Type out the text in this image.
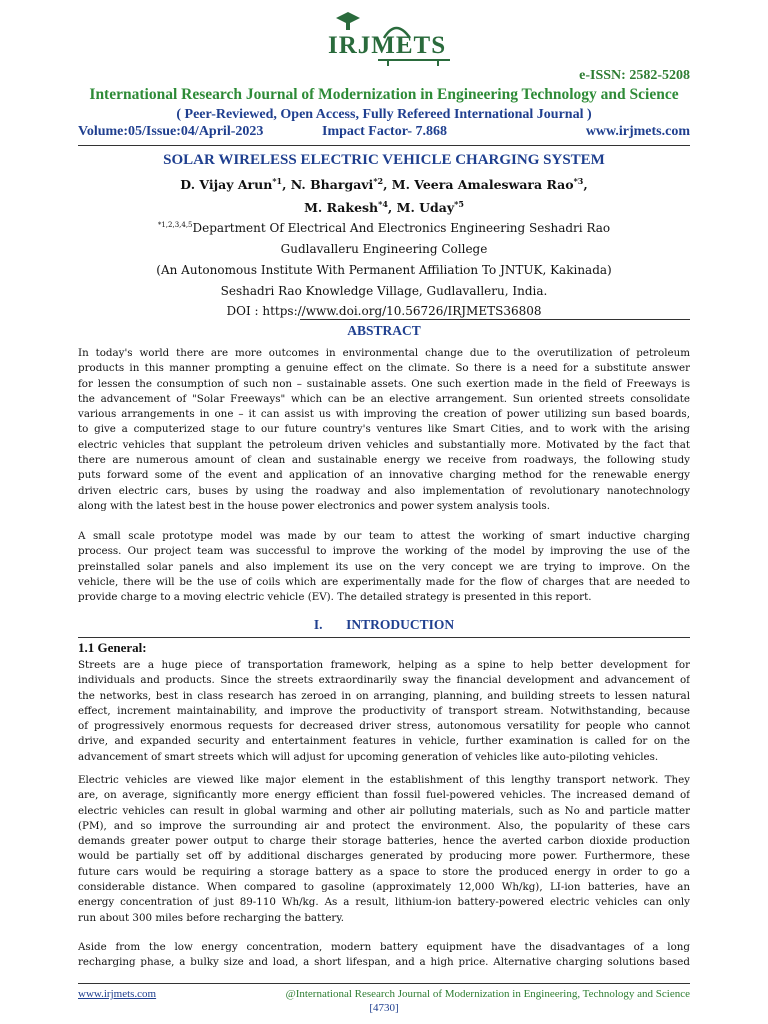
IRJMETS
e-ISSN: 2582-5208
International Research Journal of Modernization in Engineering Technology and Science
( Peer-Reviewed, Open Access, Fully Refereed International Journal )
Volume:05/Issue:04/April-2023	Impact Factor- 7.868	www.irjmets.com
SOLAR WIRELESS ELECTRIC VEHICLE CHARGING SYSTEM
D. Vijay Arun$^{*1}$, N. Bhargavi$^{*2}$, M. Veera Amaleswara Rao$^{*3}$,
M. Rakesh$^{*4}$, M. Uday$^{*5}$
$^{*1,2,3,4,5}$Department Of Electrical And Electronics Engineering Seshadri Rao
Gudlavalleru Engineering College
(An Autonomous Institute With Permanent Affiliation To JNTUK, Kakinada)
Seshadri Rao Knowledge Village, Gudlavalleru, India.
DOI : https://www.doi.org/10.56726/IRJMETS36808
ABSTRACT
In today's world there are more outcomes in environmental change due to the overutilization of petroleum
products in this manner prompting a genuine effect on the climate. So there is a need for a substitute answer
for lessen the consumption of such non – sustainable assets. One such exertion made in the field of Freeways is
the advancement of "Solar Freeways" which can be an elective arrangement. Sun oriented streets consolidate
various arrangements in one – it can assist us with improving the creation of power utilizing sun based boards,
to give a computerized stage to our future country's ventures like Smart Cities, and to work with the arising
electric vehicles that supplant the petroleum driven vehicles and substantially more. Motivated by the fact that
there are numerous amount of clean and sustainable energy we receive from roadways, the following study
puts forward some of the event and application of an innovative charging method for the renewable energy
driven electric cars, buses by using the roadway and also implementation of revolutionary nanotechnology
along with the latest best in the house power electronics and power system analysis tools.
A small scale prototype model was made by our team to attest the working of smart inductive charging
process. Our project team was successful to improve the working of the model by improving the use of the
preinstalled solar panels and also implement its use on the very concept we are trying to improve. On the
vehicle, there will be the use of coils which are experimentally made for the flow of charges that are needed to
provide charge to a moving electric vehicle (EV). The detailed strategy is presented in this report.
I. INTRODUCTION
1.1 General:
Streets are a huge piece of transportation framework, helping as a spine to help better development for
individuals and products. Since the streets extraordinarily sway the financial development and advancement of
the networks, best in class research has zeroed in on arranging, planning, and building streets to lessen natural
effect, increment maintainability, and improve the productivity of transport stream. Notwithstanding, because
of progressively enormous requests for decreased driver stress, autonomous versatility for people who cannot
drive, and expanded security and entertainment features in vehicle, further examination is called for on the
advancement of smart streets which will adjust for upcoming generation of vehicles like auto-piloting vehicles.
Electric vehicles are viewed like major element in the establishment of this lengthy transport network. They
are, on average, significantly more energy efficient than fossil fuel-powered vehicles. The increased demand of
electric vehicles can result in global warming and other air polluting materials, such as No and particle matter
(PM), and so improve the surrounding air and protect the environment. Also, the popularity of these cars
demands greater power output to charge their storage batteries, hence the averted carbon dioxide production
would be partially set off by additional discharges generated by producing more power. Furthermore, these
future cars would be requiring a storage battery as a space to store the produced energy in order to go a
considerable distance. When compared to gasoline (approximately 12,000 Wh/kg), LI-ion batteries, have an
energy concentration of just 89-110 Wh/kg. As a result, lithium-ion battery-powered electric vehicles can only
run about 300 miles before recharging the battery.
Aside from the low energy concentration, modern battery equipment have the disadvantages of a long
recharging phase, a bulky size and load, a short lifespan, and a high price. Alternative charging solutions based
www.irjmets.com	@International Research Journal of Modernization in Engineering, Technology and Science
[4730]
